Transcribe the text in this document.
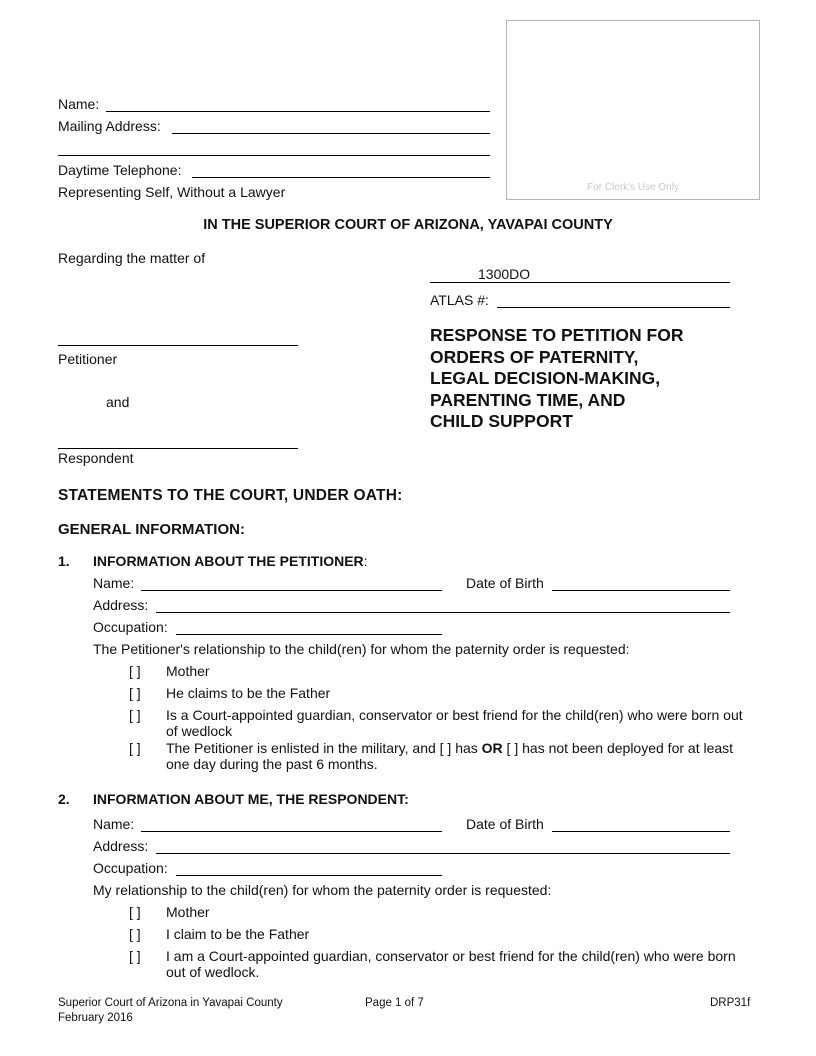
For Clerk's Use Only
Name:
Mailing Address:
Daytime Telephone:
Representing Self, Without a Lawyer
IN THE SUPERIOR COURT OF ARIZONA, YAVAPAI COUNTY
Regarding the matter of
1300DO
ATLAS #:
Petitioner
and
Respondent
RESPONSE TO PETITION FOR
ORDERS OF PATERNITY,
LEGAL DECISION-MAKING,
PARENTING TIME, AND
CHILD SUPPORT
STATEMENTS TO THE COURT, UNDER OATH:
GENERAL INFORMATION:
1. INFORMATION ABOUT THE PETITIONER:
Name:	Date of Birth
Address:
Occupation:
The Petitioner's relationship to the child(ren) for whom the paternity order is requested:
[ ] Mother
[ ] He claims to be the Father
[ ] Is a Court-appointed guardian, conservator or best friend for the child(ren) who were born out of wedlock
[ ] The Petitioner is enlisted in the military, and [ ] has OR [ ] has not been deployed for at least one day during the past 6 months.
2. INFORMATION ABOUT ME, THE RESPONDENT:
Name:	Date of Birth
Address:
Occupation:
My relationship to the child(ren) for whom the paternity order is requested:
[ ] Mother
[ ] I claim to be the Father
[ ] I am a Court-appointed guardian, conservator or best friend for the child(ren) who were born out of wedlock.
Superior Court of Arizona in Yavapai County
February 2016
Page 1 of 7	DRP31f
